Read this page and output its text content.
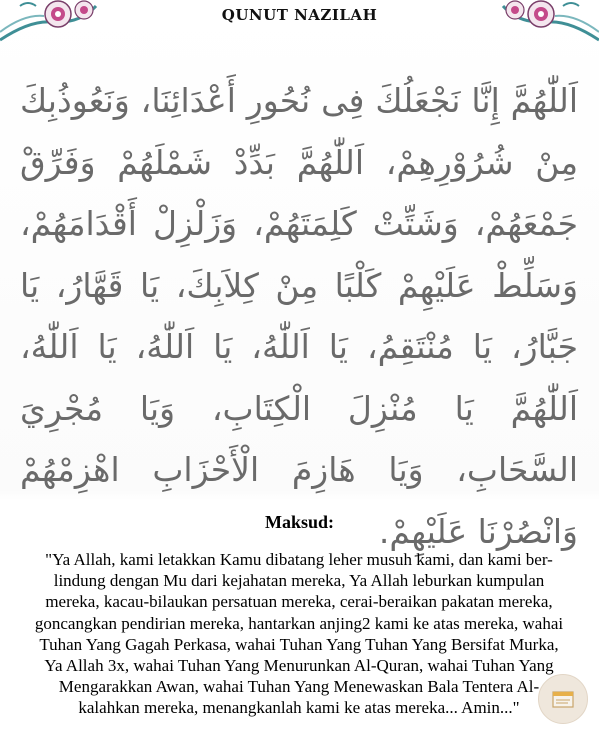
QUNUT NAZILAH
اَللّٰهُمَّ إِنَّا نَجْعَلُكَ فِى نُحُورِ أَعْدَائِنَا، وَنَعُوذُبِكَ مِنْ شُرُوْرِهِمْ، اَللّٰهُمَّ بَدِّدْ شَمْلَهُمْ وَفَرِّقْ جَمْعَهُمْ، وَشَتِّتْ كَلِمَتَهُمْ، وَزَلْزِلْ أَقْدَامَهُمْ، وَسَلِّطْ عَلَيْهِمْ كَلْبًا مِنْ كِلاَبِكَ، يَا قَهَّارُ، يَا جَبَّارُ، يَا مُنْتَقِمُ، يَا اَللّٰهُ، يَا اَللّٰهُ، يَا اَللّٰهُ، اَللّٰهُمَّ يَا مُنْزِلَ الْكِتَابِ، وَيَا مُجْرِيَ السَّحَابِ، وَيَا هَازِمَ الْأَحْزَابِ اهْزِمْهُمْ وَانْصُرْنَا عَلَيْهِمْ.
Maksud:
"Ya Allah, kami letakkan Kamu dibatang leher musuh kami, dan kami ber-
lindung dengan Mu dari kejahatan mereka, Ya Allah leburkan kumpulan
mereka, kacau-bilaukan persatuan mereka, cerai-beraikan pakatan mereka,
goncangkan pendirian mereka, hantarkan anjing2 kami ke atas mereka, wahai
Tuhan Yang Gagah Perkasa, wahai Tuhan Yang Tuhan Yang Bersifat Murka,
Ya Allah 3x, wahai Tuhan Yang Menurunkan Al-Quran, wahai Tuhan Yang
Mengarakkan Awan, wahai Tuhan Yang Menewaskan Bala Tentera Al-
kalahkan mereka, menangkanlah kami ke atas mereka... Amin..."
